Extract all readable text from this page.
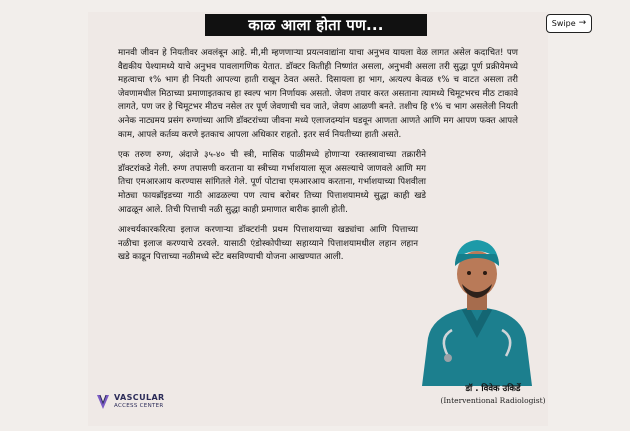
काळ आला होता पण...	Swipe →

मानवी जीवन हे नियतीवर अवलंबून आहे. मी,मी म्हणणाऱ्या प्रयत्नवाद्यांना याचा अनुभव यायला वेळ लागत असेल कदाचित! पण वैद्यकीय पेश्यामध्ये याचे अनुभव पावलागणिक येतात. डॉक्टर कितीही निष्णांत असला, अनुभवी असला तरी सुद्धा पूर्ण प्रक्रीयेमध्ये महत्वाचा १% भाग ही नियती आपल्या हाती राखून ठेवत असते. दिसायला हा भाग, अत्यल्प केवळ १% च वाटत असला तरी जेवणामधील मिठाच्या प्रमाणाइतकाच हा स्वल्प भाग निर्णायक असतो. जेवण तयार करत असताना त्यामध्ये चिमूटभरच मीठ टाकावे लागते, पण जर हे चिमूटभर मीठच नसेल तर पूर्ण जेवणाची चव जाते, जेवण आळणी बनते. तशीच हि १% च भाग असलेली नियती अनेक नाट्यमय प्रसंग रुग्णांच्या आणि डॉक्टरांच्या जीवना मध्ये एलाजदम्यांन घडवून आणता आणते आणि मग आपण फक्त आपले काम, आपले कर्तव्य करणे इतकाच आपला अधिकार राहतो. इतर सर्व नियतीच्या हाती असते.

एक तरुण रुग्ण, अंदाजे ३५-४० ची स्त्री, मासिक पाळीमध्ये होणाऱ्या रक्तस्त्रावाच्या तक्रारीने डॉक्टरांकडे गेली. रुग्ण तपासणी करताना या स्त्रीच्या गर्भाशयाला सूज असल्याचे जाणवले आणि मग तिचा एमआरआय करण्यास सांगितले गेले. पूर्ण पोटाचा एमआरआय करताना, गर्भाशयाच्या पिशवीला मोठ्या फायब्रॉइडच्या गाठी आढळल्या पण त्याच बरोबर तिच्या पित्ताशयामध्ये सुद्धा काही खडे आढळून आले. तिची पित्ताची नळी सुद्धा काही प्रमाणात बारीक झाली होती.

आश्चर्यकारकरित्या इलाज करणाऱ्या डॉक्टरांनी प्रथम पित्ताशयाच्या खड्यांचा आणि पित्ताच्या नळीचा इलाज करण्याचे ठरवले. यासाठी एंडोस्कोपीच्या सहाय्याने पित्ताशयामधील लहान लहान खडे काढून पित्ताच्या नळीमध्ये स्टेंट बसविण्याची योजना आखण्यात आली.

डॉ . विवेक उकिर्डे
(Interventional Radiologist)
VASCULAR
ACCESS CENTER
